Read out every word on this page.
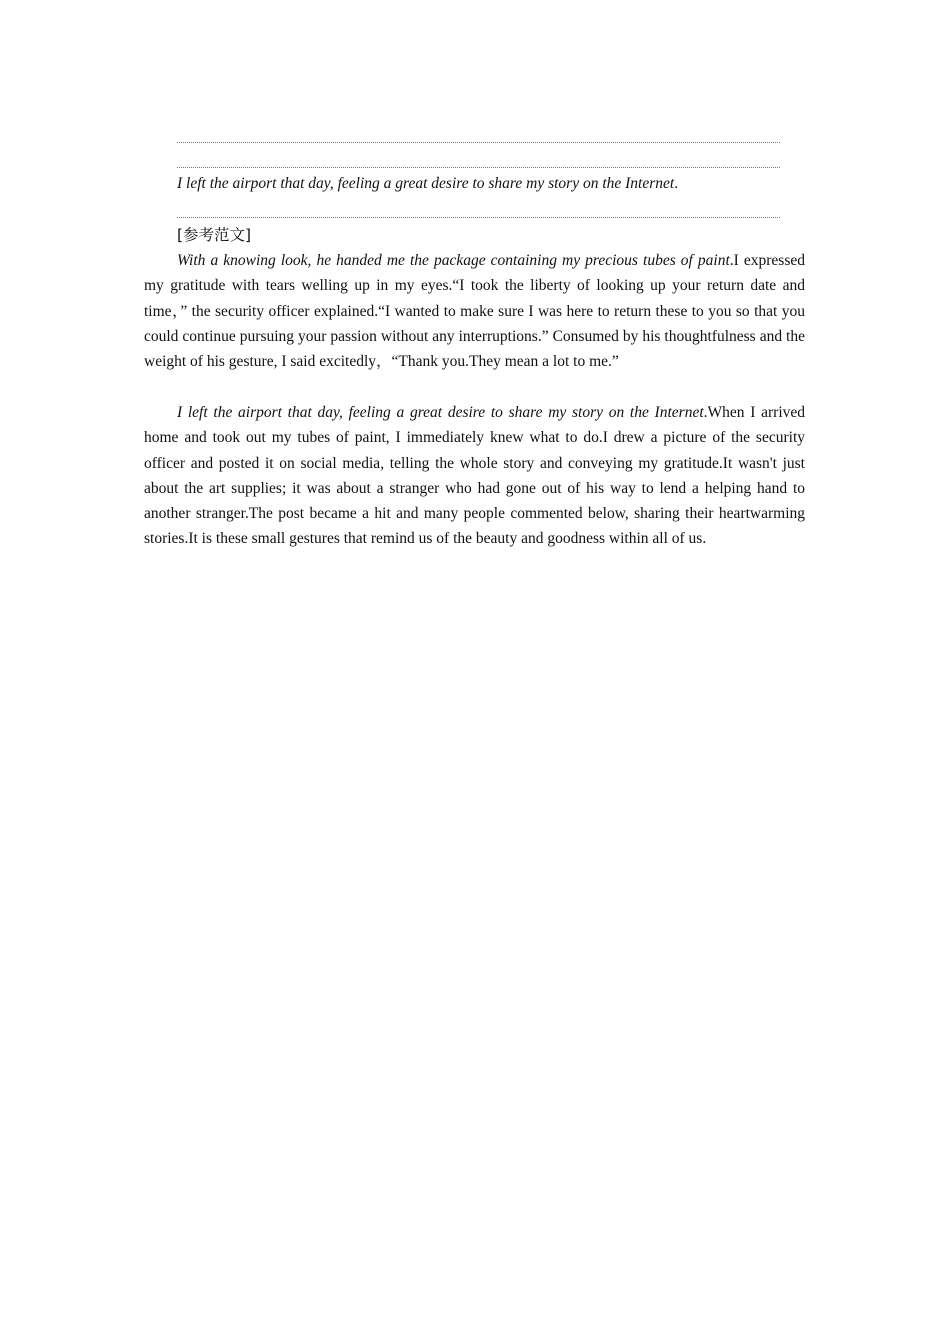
I left the airport that day, feeling a great desire to share my story on the Internet.
[参考范文]

With a knowing look, he handed me the package containing my precious tubes of paint.I expressed my gratitude with tears welling up in my eyes.“I took the liberty of looking up your return date and time，” the security officer explained.“I wanted to make sure I was here to return these to you so that you could continue pursuing your passion without any interruptions.” Consumed by his thoughtfulness and the weight of his gesture, I said excitedly，“Thank you.They mean a lot to me.”

I left the airport that day, feeling a great desire to share my story on the Internet.When I arrived home and took out my tubes of paint, I immediately knew what to do.I drew a picture of the security officer and posted it on social media, telling the whole story and conveying my gratitude.It wasn't just about the art supplies; it was about a stranger who had gone out of his way to lend a helping hand to another stranger.The post became a hit and many people commented below, sharing their heartwarming stories.It is these small gestures that remind us of the beauty and goodness within all of us.
